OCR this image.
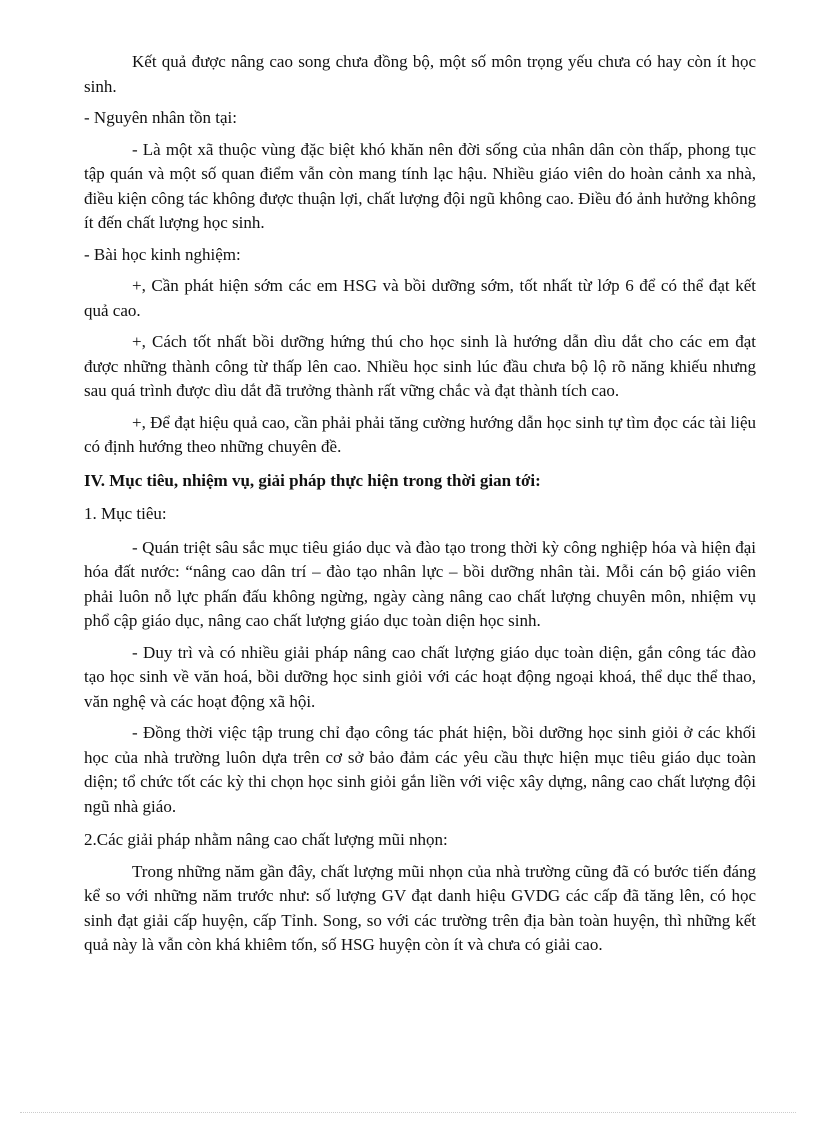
Kết quả được nâng cao song chưa đồng bộ, một số môn trọng yếu chưa có hay còn ít học sinh.

- Nguyên nhân tồn tại:

- Là một xã thuộc vùng đặc biệt khó khăn nên đời sống của nhân dân còn thấp, phong tục tập quán và một số quan điểm vẫn còn mang tính lạc hậu. Nhiều giáo viên do hoàn cảnh xa nhà, điều kiện công tác không được thuận lợi, chất lượng đội ngũ không cao. Điều đó ảnh hưởng không ít đến chất lượng học sinh.

- Bài học kinh nghiệm:

+, Cần phát hiện sớm các em HSG và bồi dưỡng sớm, tốt nhất từ lớp 6 để có thể đạt kết quả cao.

+, Cách tốt nhất bồi dưỡng hứng thú cho học sinh là hướng dẫn dìu dắt cho các em đạt được những thành công từ thấp lên cao. Nhiều học sinh lúc đầu chưa bộ lộ rõ năng khiếu nhưng sau quá trình được dìu dắt đã trưởng thành rất vững chắc và đạt thành tích cao.

+, Để đạt hiệu quả cao, cần phải phải tăng cường hướng dẫn học sinh tự tìm đọc các tài liệu có định hướng theo những chuyên đề.

IV. Mục tiêu, nhiệm vụ, giải pháp thực hiện trong thời gian tới:

1. Mục tiêu:

- Quán triệt sâu sắc mục tiêu giáo dục và đào tạo trong thời kỳ công nghiệp hóa và hiện đại hóa đất nước: “nâng cao dân trí – đào tạo nhân lực – bồi dưỡng nhân tài. Mỗi cán bộ giáo viên phải luôn nỗ lực phấn đấu không ngừng, ngày càng nâng cao chất lượng chuyên môn, nhiệm vụ phổ cập giáo dục, nâng cao chất lượng giáo dục toàn diện học sinh.

- Duy trì và có nhiều giải pháp nâng cao chất lượng giáo dục toàn diện, gắn công tác đào tạo học sinh về văn hoá, bồi dưỡng học sinh giỏi với các hoạt động ngoại khoá, thể dục thể thao, văn nghệ và các hoạt động xã hội.

- Đồng thời việc tập trung chỉ đạo công tác phát hiện, bồi dưỡng học sinh giỏi ở các khối học của nhà trường luôn dựa trên cơ sở bảo đảm các yêu cầu thực hiện mục tiêu giáo dục toàn diện; tổ chức tốt các kỳ thi chọn học sinh giỏi gắn liền với việc xây dựng, nâng cao chất lượng đội ngũ nhà giáo.

2.Các giải pháp nhằm nâng cao chất lượng mũi nhọn:

Trong những năm gần đây, chất lượng mũi nhọn của nhà trường cũng đã có bước tiến đáng kể so với những năm trước như: số lượng GV đạt danh hiệu GVDG các cấp đã tăng lên, có học sinh đạt giải cấp huyện, cấp Tỉnh. Song, so với các trường trên địa bàn toàn huyện, thì những kết quả này là vẫn còn khá khiêm tốn, số HSG huyện còn ít và chưa có giải cao.
